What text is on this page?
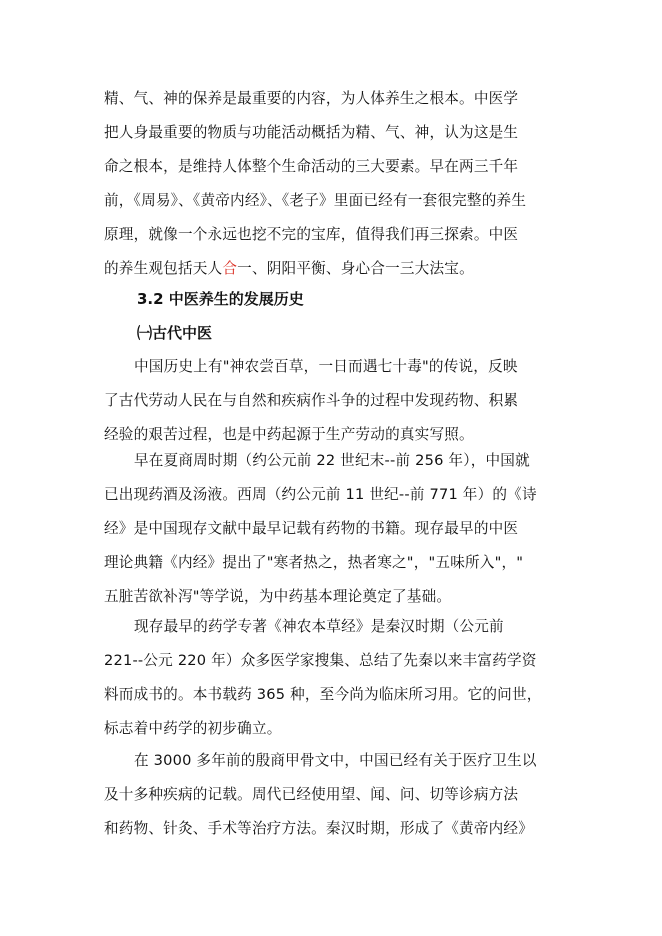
精、气、神的保养是最重要的内容，为人体养生之根本。中医学
把人身最重要的物质与功能活动概括为精、气、神，认为这是生
命之根本，是维持人体整个生命活动的三大要素。早在两三千年
前，《周易》、《黄帝内经》、《老子》里面已经有一套很完整的养生
原理，就像一个永远也挖不完的宝库，值得我们再三探索。中医
的养生观包括天人合一、阴阳平衡、身心合一三大法宝。
3.2 中医养生的发展历史
㈠古代中医
中国历史上有"神农尝百草，一日而遇七十毒"的传说，反映
了古代劳动人民在与自然和疾病作斗争的过程中发现药物、积累
经验的艰苦过程，也是中药起源于生产劳动的真实写照。
早在夏商周时期（约公元前 22 世纪末--前 256 年），中国就
已出现药酒及汤液。西周（约公元前 11 世纪--前 771 年）的《诗
经》是中国现存文献中最早记载有药物的书籍。现存最早的中医
理论典籍《内经》提出了"寒者热之，热者寒之"，"五味所入"，"
五脏苦欲补泻"等学说，为中药基本理论奠定了基础。
现存最早的药学专著《神农本草经》是秦汉时期（公元前
221--公元 220 年）众多医学家搜集、总结了先秦以来丰富药学资
料而成书的。本书载药 365 种，至今尚为临床所习用。它的问世，
标志着中药学的初步确立。
在 3000 多年前的殷商甲骨文中，中国已经有关于医疗卫生以
及十多种疾病的记载。周代已经使用望、闻、问、切等诊病方法
和药物、针灸、手术等治疗方法。秦汉时期，形成了《黄帝内经》
